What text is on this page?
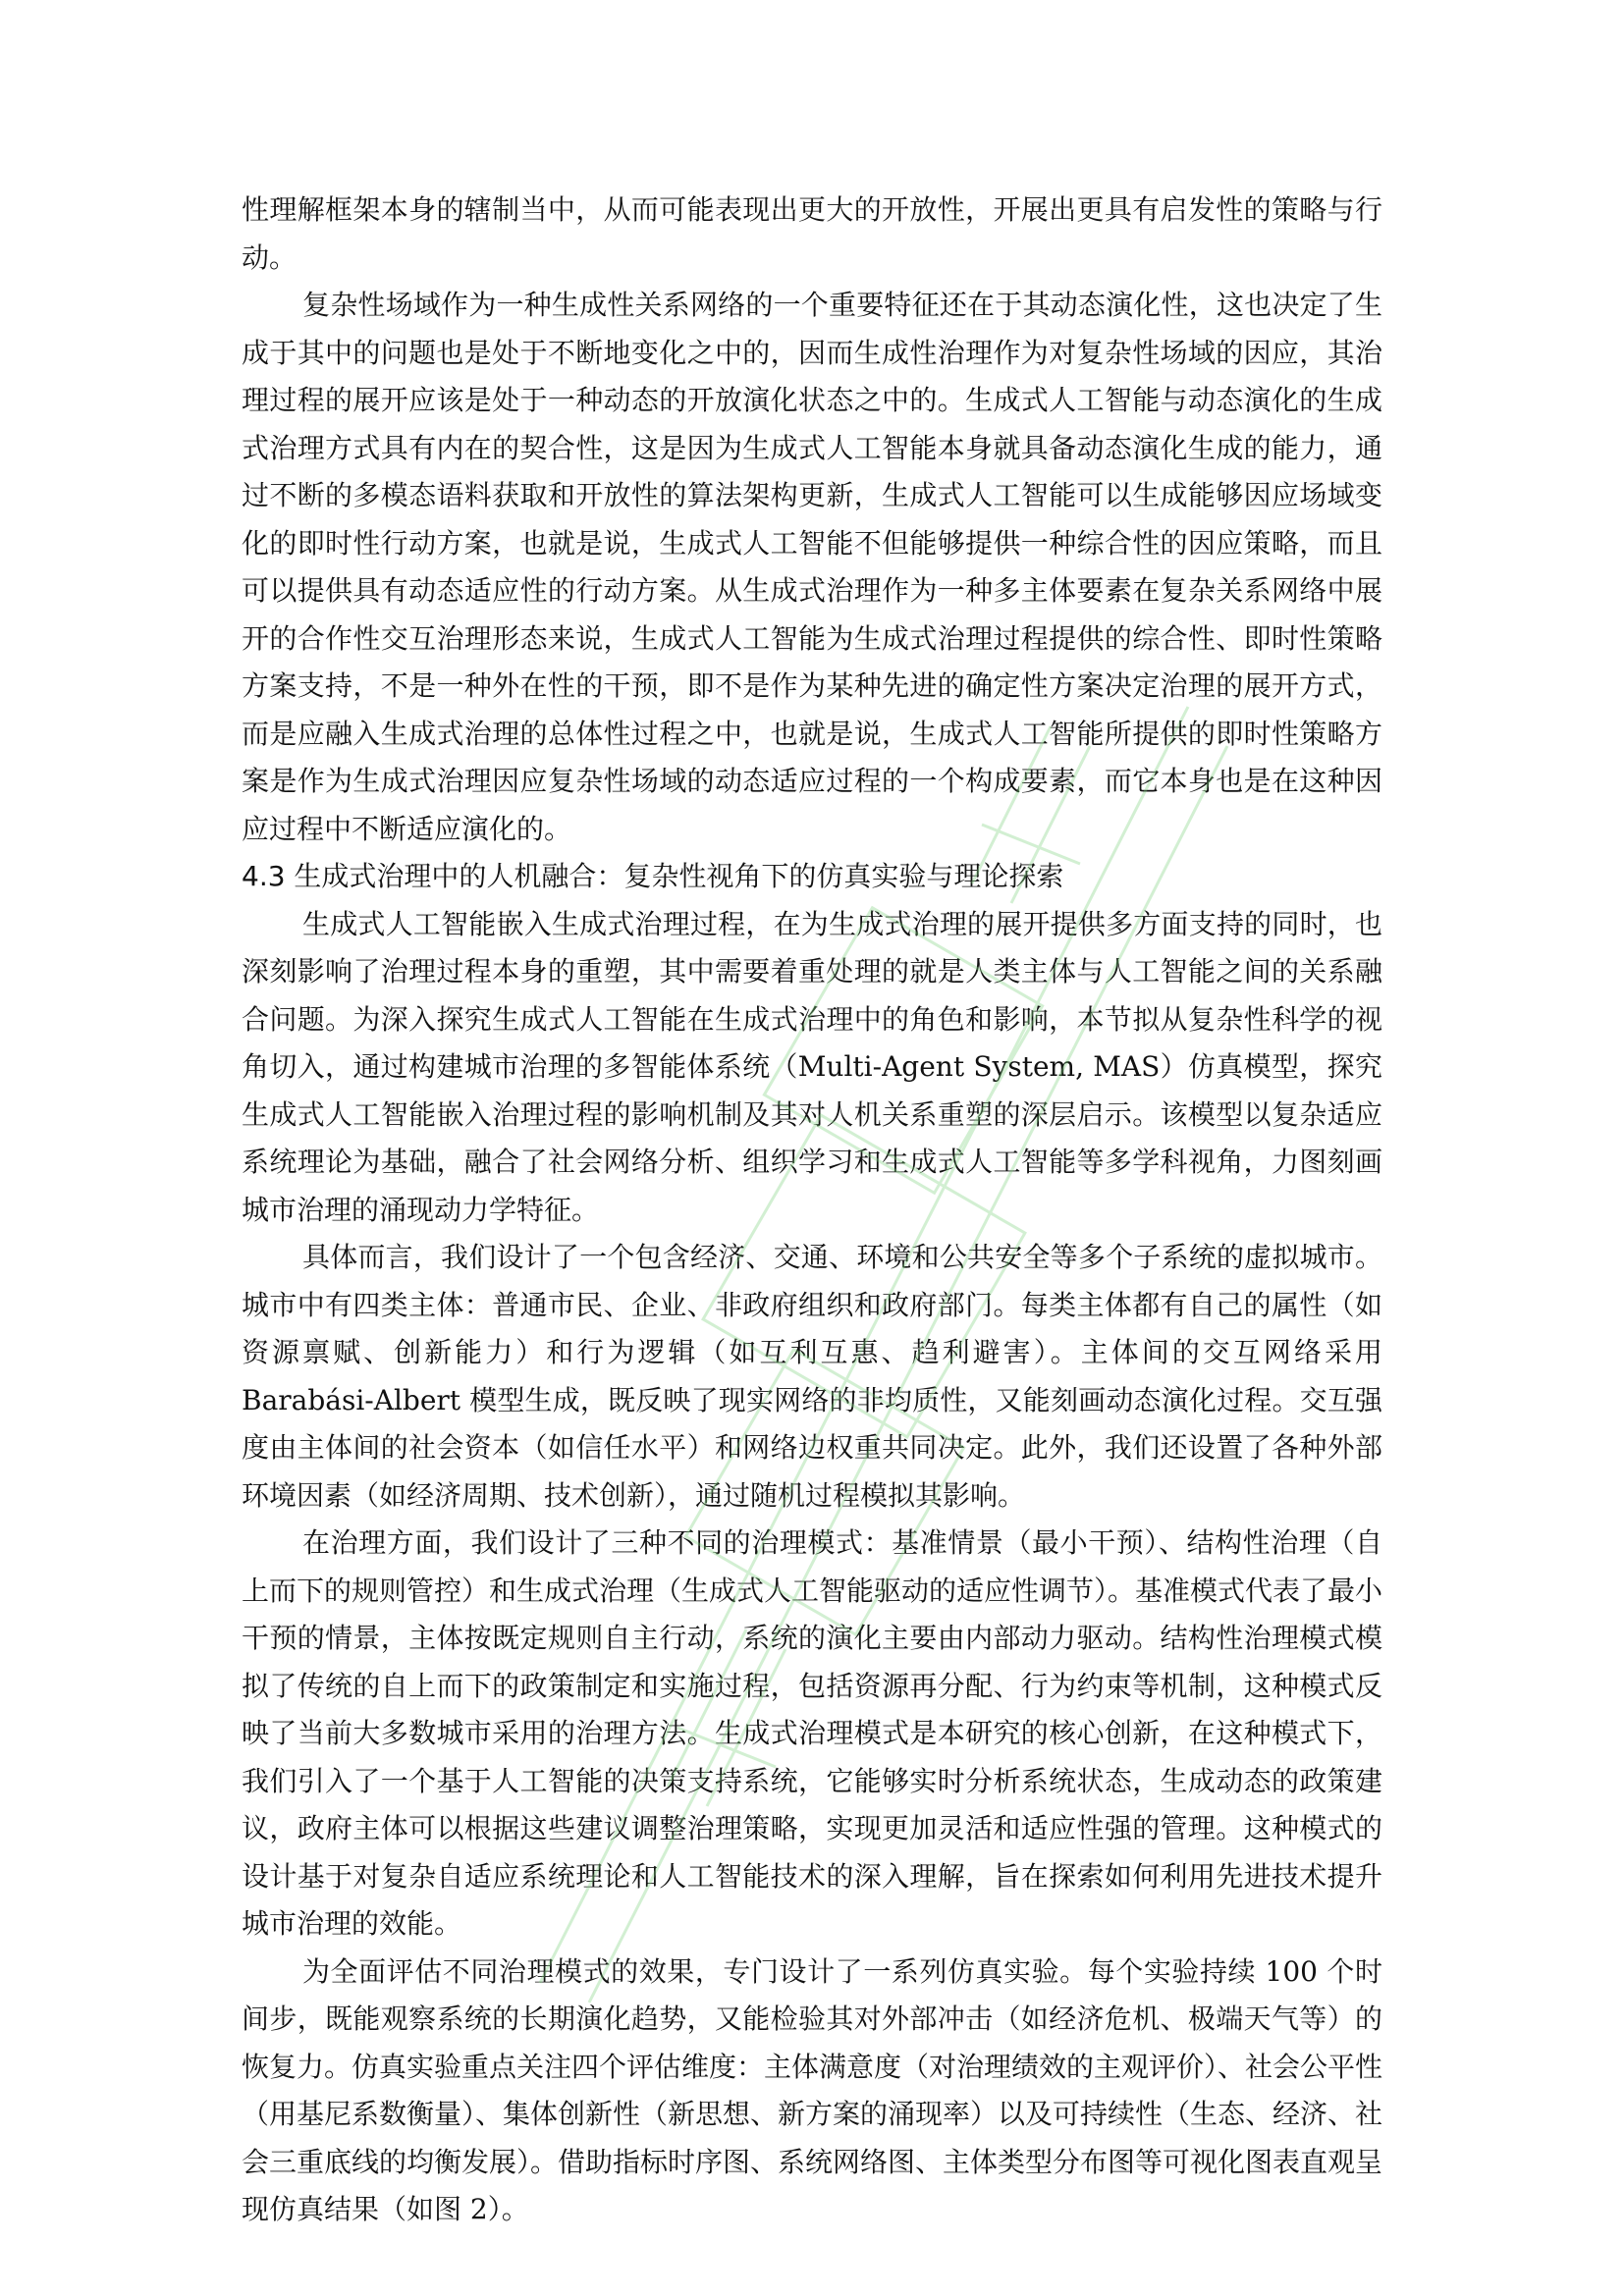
性理解框架本身的辖制当中，从而可能表现出更大的开放性，开展出更具有启发性的策略与行动。

复杂性场域作为一种生成性关系网络的一个重要特征还在于其动态演化性，这也决定了生成于其中的问题也是处于不断地变化之中的，因而生成性治理作为对复杂性场域的因应，其治理过程的展开应该是处于一种动态的开放演化状态之中的。生成式人工智能与动态演化的生成式治理方式具有内在的契合性，这是因为生成式人工智能本身就具备动态演化生成的能力，通过不断的多模态语料获取和开放性的算法架构更新，生成式人工智能可以生成能够因应场域变化的即时性行动方案，也就是说，生成式人工智能不但能够提供一种综合性的因应策略，而且可以提供具有动态适应性的行动方案。从生成式治理作为一种多主体要素在复杂关系网络中展开的合作性交互治理形态来说，生成式人工智能为生成式治理过程提供的综合性、即时性策略方案支持，不是一种外在性的干预，即不是作为某种先进的确定性方案决定治理的展开方式，而是应融入生成式治理的总体性过程之中，也就是说，生成式人工智能所提供的即时性策略方案是作为生成式治理因应复杂性场域的动态适应过程的一个构成要素，而它本身也是在这种因应过程中不断适应演化的。

4.3 生成式治理中的人机融合：复杂性视角下的仿真实验与理论探索

生成式人工智能嵌入生成式治理过程，在为生成式治理的展开提供多方面支持的同时，也深刻影响了治理过程本身的重塑，其中需要着重处理的就是人类主体与人工智能之间的关系融合问题。为深入探究生成式人工智能在生成式治理中的角色和影响，本节拟从复杂性科学的视角切入，通过构建城市治理的多智能体系统（Multi-Agent System, MAS）仿真模型，探究生成式人工智能嵌入治理过程的影响机制及其对人机关系重塑的深层启示。该模型以复杂适应系统理论为基础，融合了社会网络分析、组织学习和生成式人工智能等多学科视角，力图刻画城市治理的涌现动力学特征。

具体而言，我们设计了一个包含经济、交通、环境和公共安全等多个子系统的虚拟城市。城市中有四类主体：普通市民、企业、非政府组织和政府部门。每类主体都有自己的属性（如资源禀赋、创新能力）和行为逻辑（如互利互惠、趋利避害）。主体间的交互网络采用Barabási-Albert 模型生成，既反映了现实网络的非均质性，又能刻画动态演化过程。交互强度由主体间的社会资本（如信任水平）和网络边权重共同决定。此外，我们还设置了各种外部环境因素（如经济周期、技术创新），通过随机过程模拟其影响。

在治理方面，我们设计了三种不同的治理模式：基准情景（最小干预）、结构性治理（自上而下的规则管控）和生成式治理（生成式人工智能驱动的适应性调节）。基准模式代表了最小干预的情景，主体按既定规则自主行动，系统的演化主要由内部动力驱动。结构性治理模式模拟了传统的自上而下的政策制定和实施过程，包括资源再分配、行为约束等机制，这种模式反映了当前大多数城市采用的治理方法。生成式治理模式是本研究的核心创新，在这种模式下，我们引入了一个基于人工智能的决策支持系统，它能够实时分析系统状态，生成动态的政策建议，政府主体可以根据这些建议调整治理策略，实现更加灵活和适应性强的管理。这种模式的设计基于对复杂自适应系统理论和人工智能技术的深入理解，旨在探索如何利用先进技术提升城市治理的效能。

为全面评估不同治理模式的效果，专门设计了一系列仿真实验。每个实验持续 100 个时间步，既能观察系统的长期演化趋势，又能检验其对外部冲击（如经济危机、极端天气等）的恢复力。仿真实验重点关注四个评估维度：主体满意度（对治理绩效的主观评价）、社会公平性（用基尼系数衡量）、集体创新性（新思想、新方案的涌现率）以及可持续性（生态、经济、社会三重底线的均衡发展）。借助指标时序图、系统网络图、主体类型分布图等可视化图表直观呈现仿真结果（如图 2）。
